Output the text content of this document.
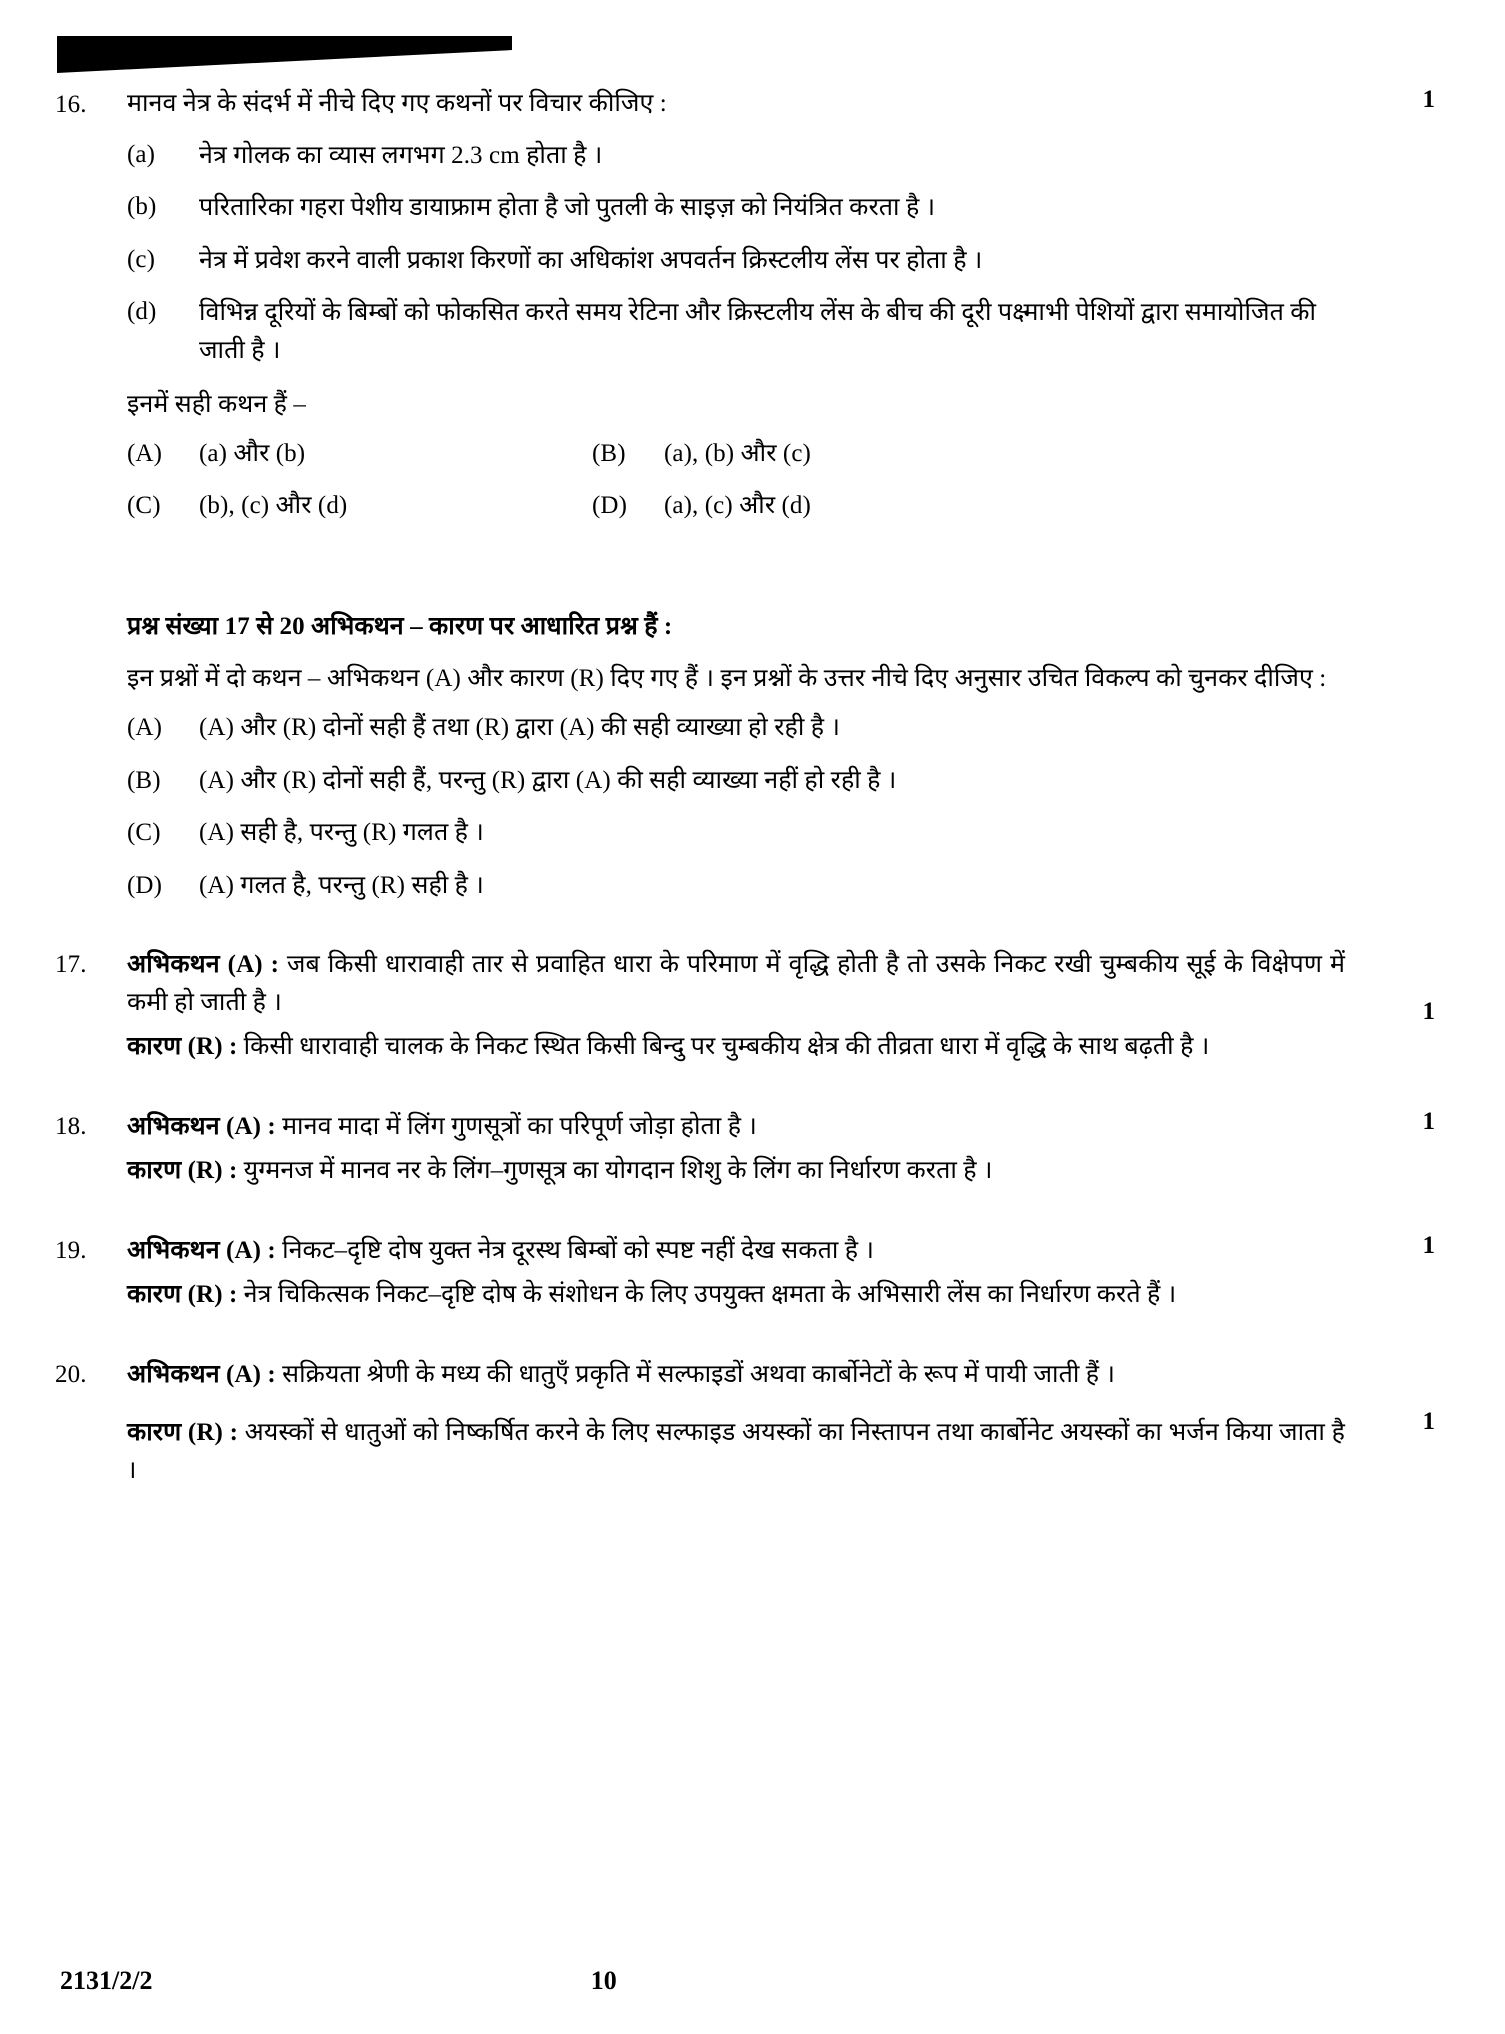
16.	मानव नेत्र के संदर्भ में नीचे दिए गए कथनों पर विचार कीजिए :
(a)	नेत्र गोलक का व्यास लगभग 2.3 cm होता है ।
(b)	परितारिका गहरा पेशीय डायाफ्राम होता है जो पुतली के साइज़ को नियंत्रित करता है ।
(c)	नेत्र में प्रवेश करने वाली प्रकाश किरणों का अधिकांश अपवर्तन क्रिस्टलीय लेंस पर होता है ।
(d)	विभिन्न दूरियों के बिम्बों को फोकसित करते समय रेटिना और क्रिस्टलीय लेंस के बीच की दूरी पक्ष्माभी पेशियों द्वारा समायोजित की जाती है ।
इनमें सही कथन हैं –
(A)	(a) और (b)	(B)	(a), (b) और (c)
(C)	(b), (c) और (d)	(D)	(a), (c) और (d)
1
प्रश्न संख्या 17 से 20 अभिकथन – कारण पर आधारित प्रश्न हैं :
इन प्रश्नों में दो कथन – अभिकथन (A) और कारण (R) दिए गए हैं । इन प्रश्नों के उत्तर नीचे दिए अनुसार उचित विकल्प को चुनकर दीजिए :
(A)	(A) और (R) दोनों सही हैं तथा (R) द्वारा (A) की सही व्याख्या हो रही है ।
(B)	(A) और (R) दोनों सही हैं, परन्तु (R) द्वारा (A) की सही व्याख्या नहीं हो रही है ।
(C)	(A) सही है, परन्तु (R) गलत है ।
(D)	(A) गलत है, परन्तु (R) सही है ।
17.	अभिकथन (A) : जब किसी धारावाही तार से प्रवाहित धारा के परिमाण में वृद्धि होती है तो उसके निकट रखी चुम्बकीय सूई के विक्षेपण में कमी हो जाती है ।
कारण (R) : किसी धारावाही चालक के निकट स्थित किसी बिन्दु पर चुम्बकीय क्षेत्र की तीव्रता धारा में वृद्धि के साथ बढ़ती है ।
1
18.	अभिकथन (A) : मानव मादा में लिंग गुणसूत्रों का परिपूर्ण जोड़ा होता है ।
कारण (R) : युग्मनज में मानव नर के लिंग–गुणसूत्र का योगदान शिशु के लिंग का निर्धारण करता है ।
1
19.	अभिकथन (A) : निकट–दृष्टि दोष युक्त नेत्र दूरस्थ बिम्बों को स्पष्ट नहीं देख सकता है ।
कारण (R) : नेत्र चिकित्सक निकट–दृष्टि दोष के संशोधन के लिए उपयुक्त क्षमता के अभिसारी लेंस का निर्धारण करते हैं ।
1
20.	अभिकथन (A) : सक्रियता श्रेणी के मध्य की धातुएँ प्रकृति में सल्फाइडों अथवा कार्बोनेटों के रूप में पायी जाती हैं ।
कारण (R) : अयस्कों से धातुओं को निष्कर्षित करने के लिए सल्फाइड अयस्कों का निस्तापन तथा कार्बोनेट अयस्कों का भर्जन किया जाता है ।
1
2131/2/2	10
